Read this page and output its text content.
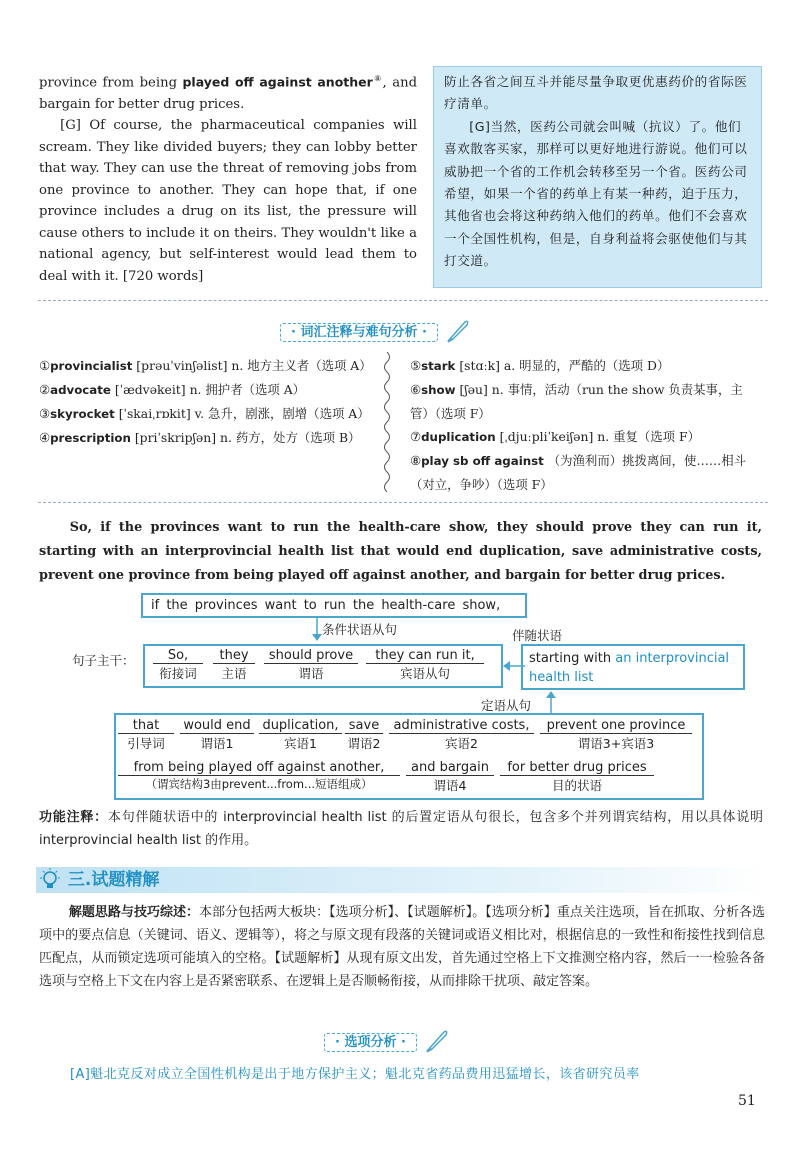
province from being played off against another⑧, and bargain for better drug prices.
[G] Of course, the pharmaceutical companies will scream. They like divided buyers; they can lobby better that way. They can use the threat of removing jobs from one province to another. They can hope that, if one province includes a drug on its list, the pressure will cause others to include it on theirs. They wouldn't like a national agency, but self-interest would lead them to deal with it. [720 words]
防止各省之间互斗并能尽量争取更优惠药价的省际医疗清单。
[G]当然，医药公司就会叫喊（抗议）了。他们喜欢散客买家，那样可以更好地进行游说。他们可以威胁把一个省的工作机会转移至另一个省。医药公司希望，如果一个省的药单上有某一种药，迫于压力，其他省也会将这种药纳入他们的药单。他们不会喜欢一个全国性机构，但是，自身利益将会驱使他们与其打交道。
· 词汇注释与难句分析 ·
①provincialist [prəuˈvinʃəlist] n. 地方主义者（选项 A）
②advocate [ˈædvəkeit] n. 拥护者（选项 A）
③skyrocket [ˈskaiˌrɒkit] v. 急升，剧涨，剧增（选项 A）
④prescription [priˈskripʃən] n. 药方，处方（选项 B）
⑤stark [stɑːk] a. 明显的，严酷的（选项 D）
⑥show [ʃəu] n. 事情，活动（run the show 负责某事，主管）（选项 F）
⑦duplication [ˌdjuːpliˈkeiʃən] n. 重复（选项 F）
⑧play sb off against （为渔利而）挑拨离间，使……相斗（对立，争吵）（选项 F）
So, if the provinces want to run the health-care show, they should prove they can run it, starting with an interprovincial health list that would end duplication, save administrative costs, prevent one province from being played off against another, and bargain for better drug prices.
if the provinces want to run the health-care show,
条件状语从句	伴随状语
句子主干：	So,
衔接词
they
主语
should prove
谓语
they can run it,
宾语从句
starting with an interprovincial health list
定语从句
that
引导词
would end
谓语1
duplication,
宾语1
save
谓语2
administrative costs,
宾语2
prevent one province
谓语3+宾语3
from being played off against another,
（谓宾结构3由prevent...from...短语组成）
and bargain
谓语4
for better drug prices
目的状语
功能注释：本句伴随状语中的 interprovincial health list 的后置定语从句很长，包含多个并列谓宾结构，用以具体说明 interprovincial health list 的作用。
三.试题精解
解题思路与技巧综述：本部分包括两大板块：【选项分析】、【试题解析】。【选项分析】重点关注选项，旨在抓取、分析各选项中的要点信息（关键词、语义、逻辑等），将之与原文现有段落的关键词或语义相比对，根据信息的一致性和衔接性找到信息匹配点，从而锁定选项可能填入的空格。【试题解析】从现有原文出发，首先通过空格上下文推测空格内容，然后一一检验各备选项与空格上下文在内容上是否紧密联系、在逻辑上是否顺畅衔接，从而排除干扰项、敲定答案。
· 选项分析 ·
[A]魁北克反对成立全国性机构是出于地方保护主义；魁北克省药品费用迅猛增长，该省研究员率
51
